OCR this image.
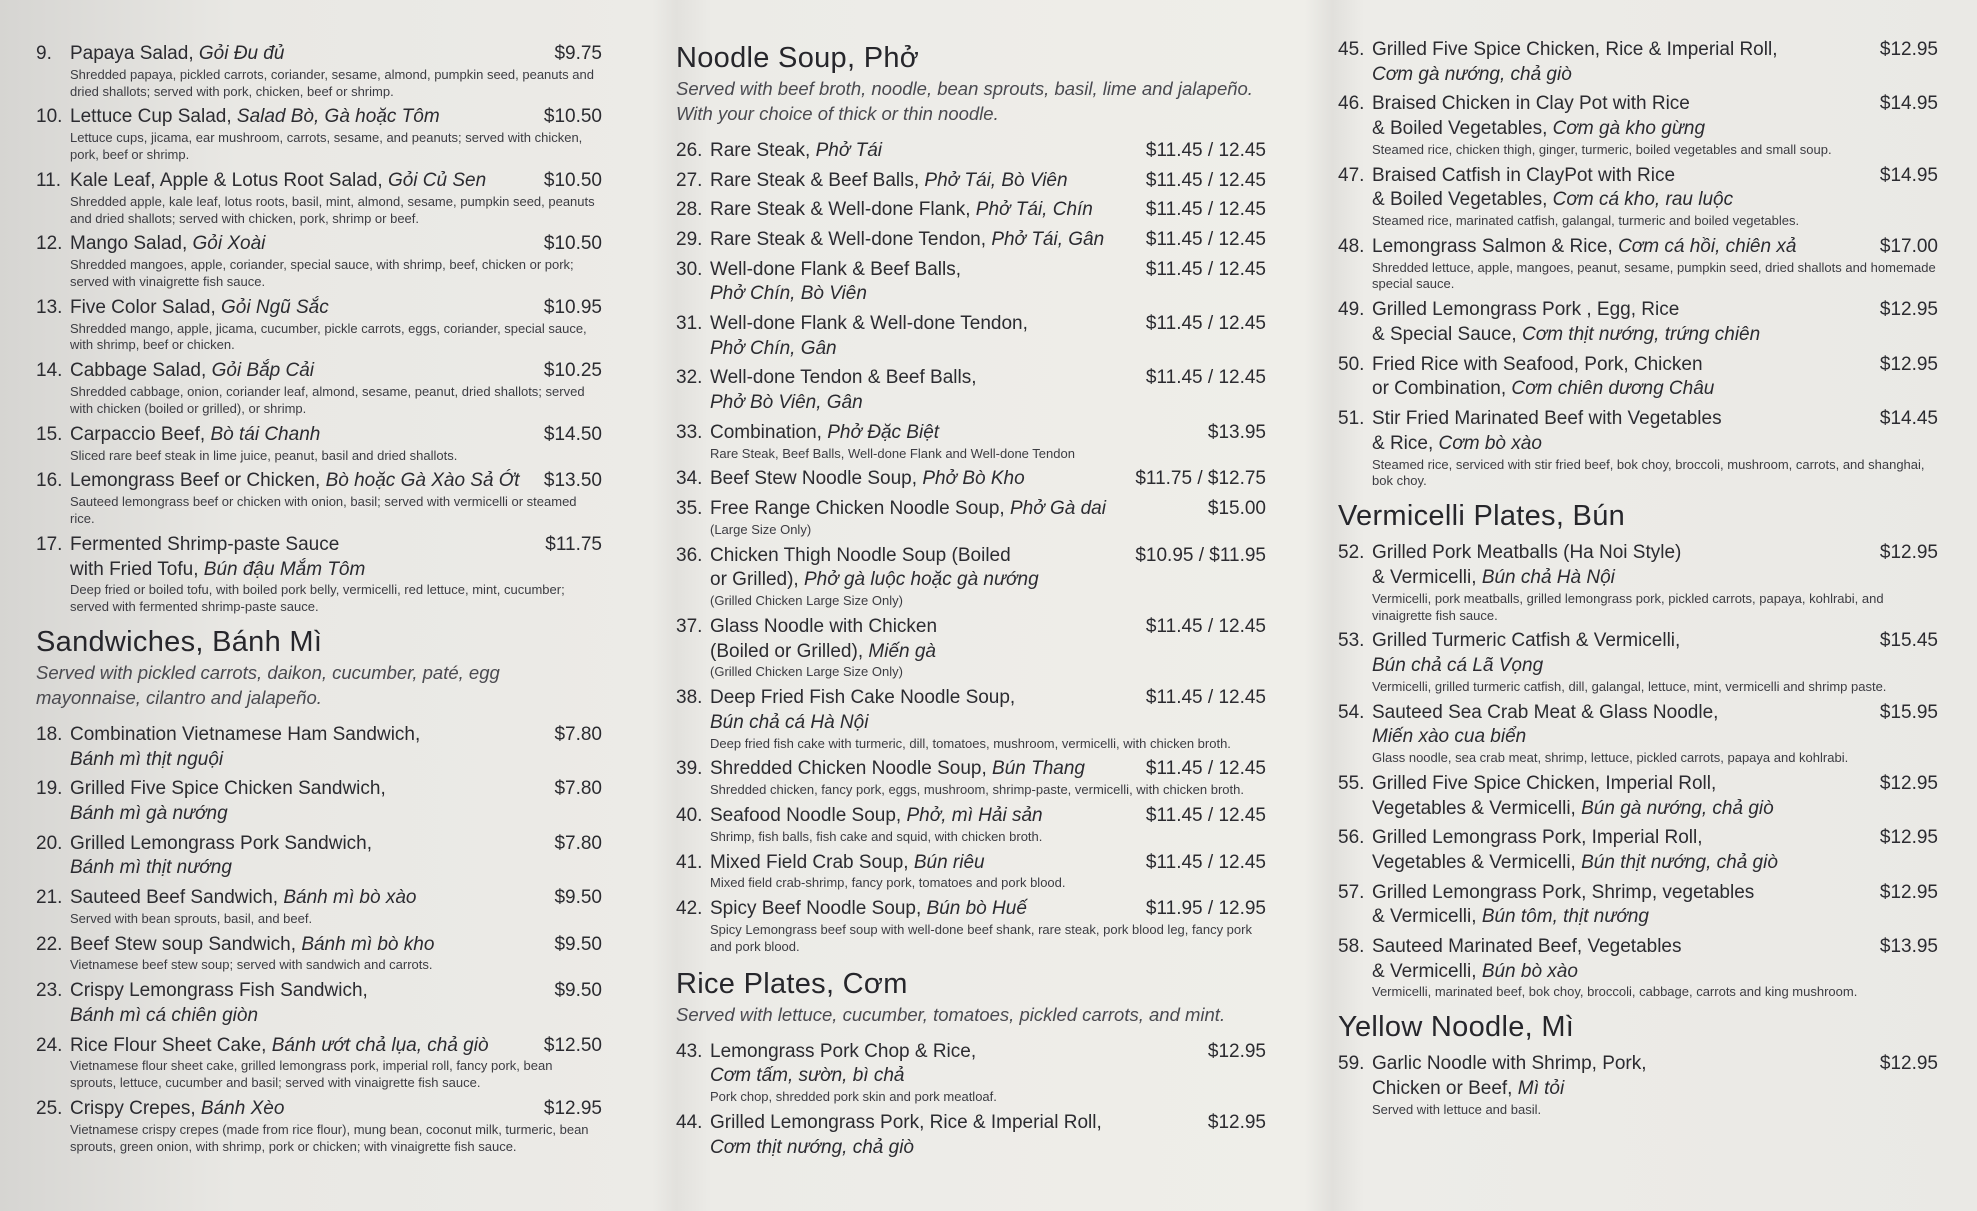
9. Papaya Salad, Gỏi Đu đủ	$9.75
Shredded papaya, pickled carrots, coriander, sesame, almond, pumpkin seed, peanuts and dried shallots; served with pork, chicken, beef or shrimp.
10. Lettuce Cup Salad, Salad Bò, Gà hoặc Tôm	$10.50
Lettuce cups, jicama, ear mushroom, carrots, sesame, and peanuts; served with chicken, pork, beef or shrimp.
11. Kale Leaf, Apple & Lotus Root Salad, Gỏi Củ Sen	$10.50
Shredded apple, kale leaf, lotus roots, basil, mint, almond, sesame, pumpkin seed, peanuts and dried shallots; served with chicken, pork, shrimp or beef.
12. Mango Salad, Gỏi Xoài	$10.50
Shredded mangoes, apple, coriander, special sauce, with shrimp, beef, chicken or pork; served with vinaigrette fish sauce.
13. Five Color Salad, Gỏi Ngũ Sắc	$10.95
Shredded mango, apple, jicama, cucumber, pickle carrots, eggs, coriander, special sauce, with shrimp, beef or chicken.
14. Cabbage Salad, Gỏi Bắp Cải	$10.25
Shredded cabbage, onion, coriander leaf, almond, sesame, peanut, dried shallots; served with chicken (boiled or grilled), or shrimp.
15. Carpaccio Beef, Bò tái Chanh	$14.50
Sliced rare beef steak in lime juice, peanut, basil and dried shallots.
16. Lemongrass Beef or Chicken, Bò hoặc Gà Xào Sả Ớt	$13.50
Sauteed lemongrass beef or chicken with onion, basil; served with vermicelli or steamed rice.
17. Fermented Shrimp-paste Sauce	$11.75
with Fried Tofu, Bún đậu Mắm Tôm
Deep fried or boiled tofu, with boiled pork belly, vermicelli, red lettuce, mint, cucumber; served with fermented shrimp-paste sauce.
Sandwiches, Bánh Mì
Served with pickled carrots, daikon, cucumber, paté, egg mayonnaise, cilantro and jalapeño.
18. Combination Vietnamese Ham Sandwich,	$7.80
Bánh mì thịt nguội
19. Grilled Five Spice Chicken Sandwich,	$7.80
Bánh mì gà nướng
20. Grilled Lemongrass Pork Sandwich,	$7.80
Bánh mì thịt nướng
21. Sauteed Beef Sandwich, Bánh mì bò xào	$9.50
Served with bean sprouts, basil, and beef.
22. Beef Stew soup Sandwich, Bánh mì bò kho	$9.50
Vietnamese beef stew soup; served with sandwich and carrots.
23. Crispy Lemongrass Fish Sandwich,	$9.50
Bánh mì cá chiên giòn
24. Rice Flour Sheet Cake, Bánh ướt chả lụa, chả giò	$12.50
Vietnamese flour sheet cake, grilled lemongrass pork, imperial roll, fancy pork, bean sprouts, lettuce, cucumber and basil; served with vinaigrette fish sauce.
25. Crispy Crepes, Bánh Xèo	$12.95
Vietnamese crispy crepes (made from rice flour), mung bean, coconut milk, turmeric, bean sprouts, green onion, with shrimp, pork or chicken; with vinaigrette fish sauce.
Noodle Soup, Phở
Served with beef broth, noodle, bean sprouts, basil, lime and jalapeño. With your choice of thick or thin noodle.
26. Rare Steak, Phở Tái	$11.45 / 12.45
27. Rare Steak & Beef Balls, Phở Tái, Bò Viên	$11.45 / 12.45
28. Rare Steak & Well-done Flank, Phở Tái, Chín	$11.45 / 12.45
29. Rare Steak & Well-done Tendon, Phở Tái, Gân	$11.45 / 12.45
30. Well-done Flank & Beef Balls,	$11.45 / 12.45
Phở Chín, Bò Viên
31. Well-done Flank & Well-done Tendon,	$11.45 / 12.45
Phở Chín, Gân
32. Well-done Tendon & Beef Balls,	$11.45 / 12.45
Phở Bò Viên, Gân
33. Combination, Phở Đặc Biệt	$13.95
Rare Steak, Beef Balls, Well-done Flank and Well-done Tendon
34. Beef Stew Noodle Soup, Phở Bò Kho	$11.75 / $12.75
35. Free Range Chicken Noodle Soup, Phở Gà dai	$15.00
(Large Size Only)
36. Chicken Thigh Noodle Soup (Boiled	$10.95 / $11.95
or Grilled), Phở gà luộc hoặc gà nướng
(Grilled Chicken Large Size Only)
37. Glass Noodle with Chicken	$11.45 / 12.45
(Boiled or Grilled), Miến gà
(Grilled Chicken Large Size Only)
38. Deep Fried Fish Cake Noodle Soup,	$11.45 / 12.45
Bún chả cá Hà Nội
Deep fried fish cake with turmeric, dill, tomatoes, mushroom, vermicelli, with chicken broth.
39. Shredded Chicken Noodle Soup, Bún Thang	$11.45 / 12.45
Shredded chicken, fancy pork, eggs, mushroom, shrimp-paste, vermicelli, with chicken broth.
40. Seafood Noodle Soup, Phở, mì Hải sản	$11.45 / 12.45
Shrimp, fish balls, fish cake and squid, with chicken broth.
41. Mixed Field Crab Soup, Bún riêu	$11.45 / 12.45
Mixed field crab-shrimp, fancy pork, tomatoes and pork blood.
42. Spicy Beef Noodle Soup, Bún bò Huế	$11.95 / 12.95
Spicy Lemongrass beef soup with well-done beef shank, rare steak, pork blood leg, fancy pork and pork blood.
Rice Plates, Cơm
Served with lettuce, cucumber, tomatoes, pickled carrots, and mint.
43. Lemongrass Pork Chop & Rice,	$12.95
Cơm tấm, sườn, bì chả
Pork chop, shredded pork skin and pork meatloaf.
44. Grilled Lemongrass Pork, Rice & Imperial Roll,	$12.95
Cơm thịt nướng, chả giò
45. Grilled Five Spice Chicken, Rice & Imperial Roll,	$12.95
Cơm gà nướng, chả giò
46. Braised Chicken in Clay Pot with Rice	$14.95
& Boiled Vegetables, Cơm gà kho gừng
Steamed rice, chicken thigh, ginger, turmeric, boiled vegetables and small soup.
47. Braised Catfish in ClayPot with Rice	$14.95
& Boiled Vegetables, Cơm cá kho, rau luộc
Steamed rice, marinated catfish, galangal, turmeric and boiled vegetables.
48. Lemongrass Salmon & Rice, Cơm cá hồi, chiên xả	$17.00
Shredded lettuce, apple, mangoes, peanut, sesame, pumpkin seed, dried shallots and homemade special sauce.
49. Grilled Lemongrass Pork , Egg, Rice	$12.95
& Special Sauce, Cơm thịt nướng, trứng chiên
50. Fried Rice with Seafood, Pork, Chicken	$12.95
or Combination, Cơm chiên dương Châu
51. Stir Fried Marinated Beef with Vegetables	$14.45
& Rice, Cơm bò xào
Steamed rice, serviced with stir fried beef, bok choy, broccoli, mushroom, carrots, and shanghai, bok choy.
Vermicelli Plates, Bún
52. Grilled Pork Meatballs (Ha Noi Style)	$12.95
& Vermicelli, Bún chả Hà Nội
Vermicelli, pork meatballs, grilled lemongrass pork, pickled carrots, papaya, kohlrabi, and vinaigrette fish sauce.
53. Grilled Turmeric Catfish & Vermicelli,	$15.45
Bún chả cá Lã Vọng
Vermicelli, grilled turmeric catfish, dill, galangal, lettuce, mint, vermicelli and shrimp paste.
54. Sauteed Sea Crab Meat & Glass Noodle,	$15.95
Miến xào cua biển
Glass noodle, sea crab meat, shrimp, lettuce, pickled carrots, papaya and kohlrabi.
55. Grilled Five Spice Chicken, Imperial Roll,	$12.95
Vegetables & Vermicelli, Bún gà nướng, chả giò
56. Grilled Lemongrass Pork, Imperial Roll,	$12.95
Vegetables & Vermicelli, Bún thịt nướng, chả giò
57. Grilled Lemongrass Pork, Shrimp, vegetables	$12.95
& Vermicelli, Bún tôm, thịt nướng
58. Sauteed Marinated Beef, Vegetables	$13.95
& Vermicelli, Bún bò xào
Vermicelli, marinated beef, bok choy, broccoli, cabbage, carrots and king mushroom.
Yellow Noodle, Mì
59. Garlic Noodle with Shrimp, Pork,	$12.95
Chicken or Beef, Mì tỏi
Served with lettuce and basil.
